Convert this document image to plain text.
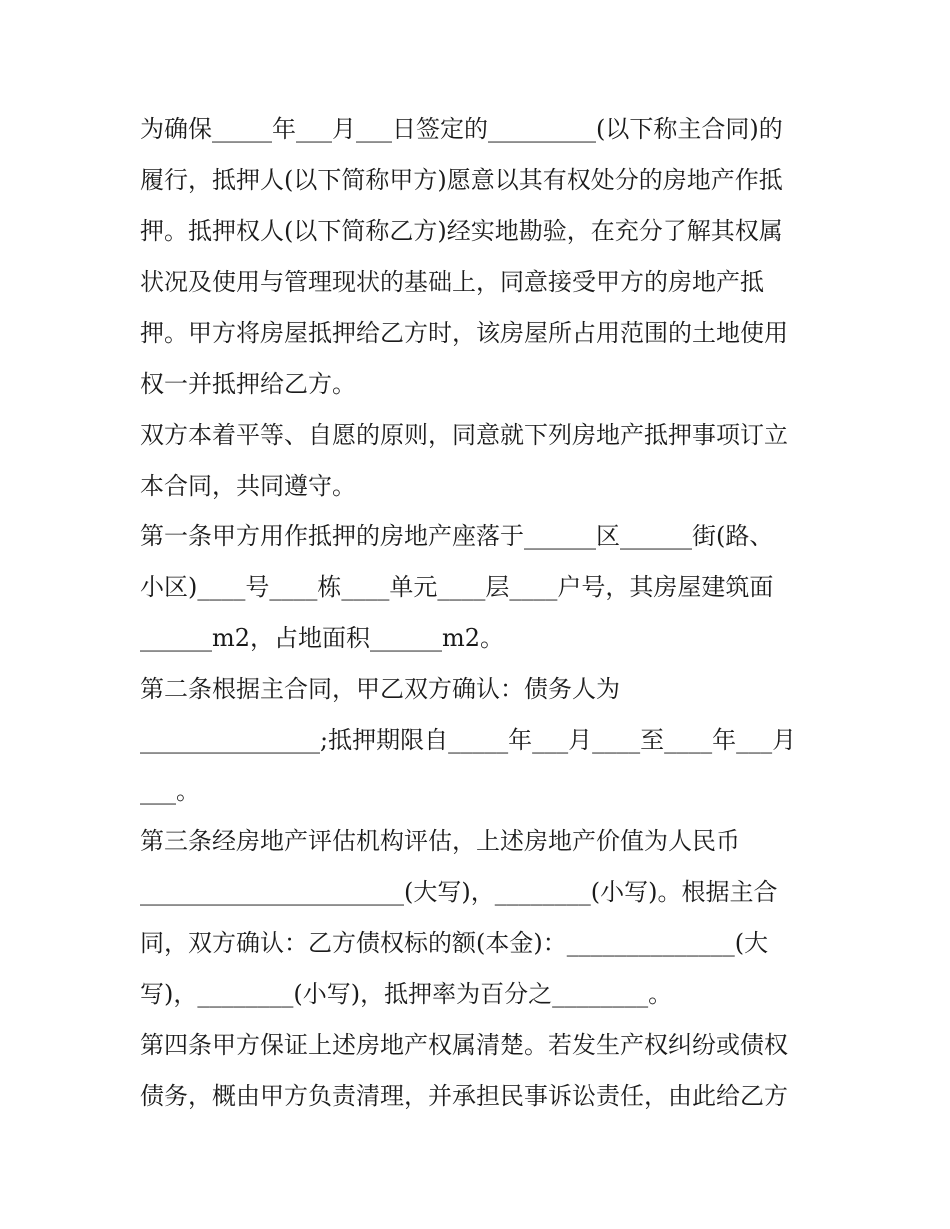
为确保_____年___月___日签定的_________(以下称主合同)的
履行，抵押人(以下简称甲方)愿意以其有权处分的房地产作抵
押。抵押权人(以下简称乙方)经实地勘验，在充分了解其权属
状况及使用与管理现状的基础上，同意接受甲方的房地产抵
押。甲方将房屋抵押给乙方时，该房屋所占用范围的土地使用
权一并抵押给乙方。
双方本着平等、自愿的原则，同意就下列房地产抵押事项订立
本合同，共同遵守。
第一条甲方用作抵押的房地产座落于______区______街(路、
小区)____号____栋____单元____层____户号，其房屋建筑面
______m2，占地面积______m2。
第二条根据主合同，甲乙双方确认：债务人为
_______________;抵押期限自_____年___月____至____年___月
___。
第三条经房地产评估机构评估，上述房地产价值为人民币
______________________(大写)，________(小写)。根据主合
同，双方确认：乙方债权标的额(本金)：______________(大
写)，________(小写)，抵押率为百分之________。
第四条甲方保证上述房地产权属清楚。若发生产权纠纷或债权
债务，概由甲方负责清理，并承担民事诉讼责任，由此给乙方
